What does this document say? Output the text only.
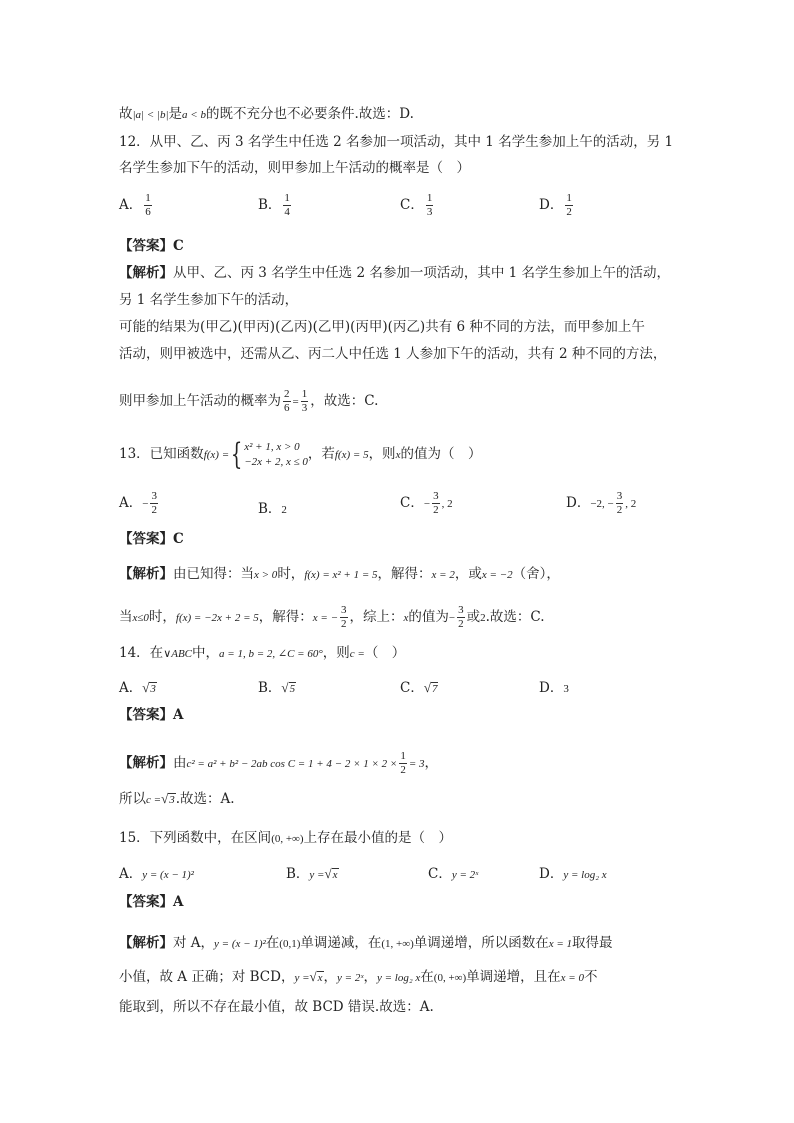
故|a| < |b|是a < b的既不充分也不必要条件.故选：D.
12．从甲、乙、丙 3 名学生中任选 2 名参加一项活动，其中 1 名学生参加上午的活动，另 1
名学生参加下午的活动，则甲参加上午活动的概率是（　）
A． $\frac{1}{6}$	B． $\frac{1}{4}$	C． $\frac{1}{3}$	D． $\frac{1}{2}$
【答案】C
【解析】从甲、乙、丙 3 名学生中任选 2 名参加一项活动，其中 1 名学生参加上午的活动，
另 1 名学生参加下午的活动，
可能的结果为(甲乙)(甲丙)(乙丙)(乙甲)(丙甲)(丙乙)共有 6 种不同的方法，而甲参加上午
活动，则甲被选中，还需从乙、丙二人中任选 1 人参加下午的活动，共有 2 种不同的方法，
则甲参加上午活动的概率为 $\frac{2}{6} = \frac{1}{3}$ ，故选：C.
13．已知函数f(x) ={ x² + 1, x > 0
−2x + 2, x ≤ 0 ，若f(x) = 5，则x的值为（　）
A．− $\frac{3}{2}$	B．2	C．− $\frac{3}{2}$ , 2	D．−2, − $\frac{3}{2}$ , 2
【答案】C
【解析】由已知得：当x > 0时，f(x) = x² + 1 = 5，解得：x = 2，或x = −2（舍），
当x≤0时，f(x) = −2x + 2 = 5，解得：x = − $\frac{3}{2}$ ，综上：x的值为− $\frac{3}{2}$ 或2.故选：C.
14．在∨ABC中，a = 1, b = 2, ∠C = 60°，则c =（　）
A．√3	B．√5	C．√7	D．3
【答案】A
【解析】由c² = a² + b² − 2ab $\cos C = 1 + 4 - 2 \times 1 \times 2 \times \frac{1}{2} = 3$，
所以c =√3.故选：A.
15．下列函数中，在区间(0, +∞)上存在最小值的是（　）
A．y = (x − 1)²	B．y =√x	C．y = 2ˣ	D．y = log₂ x
【答案】A
【解析】对 A，y = (x − 1)²在(0,1)单调递减，在(1, +∞)单调递增，所以函数在x = 1取得最
小值，故 A 正确；对 BCD，y =√x，y = 2ˣ，y = log₂ x在(0, +∞)单调递增，且在x = 0不
能取到，所以不存在最小值，故 BCD 错误.故选：A.
